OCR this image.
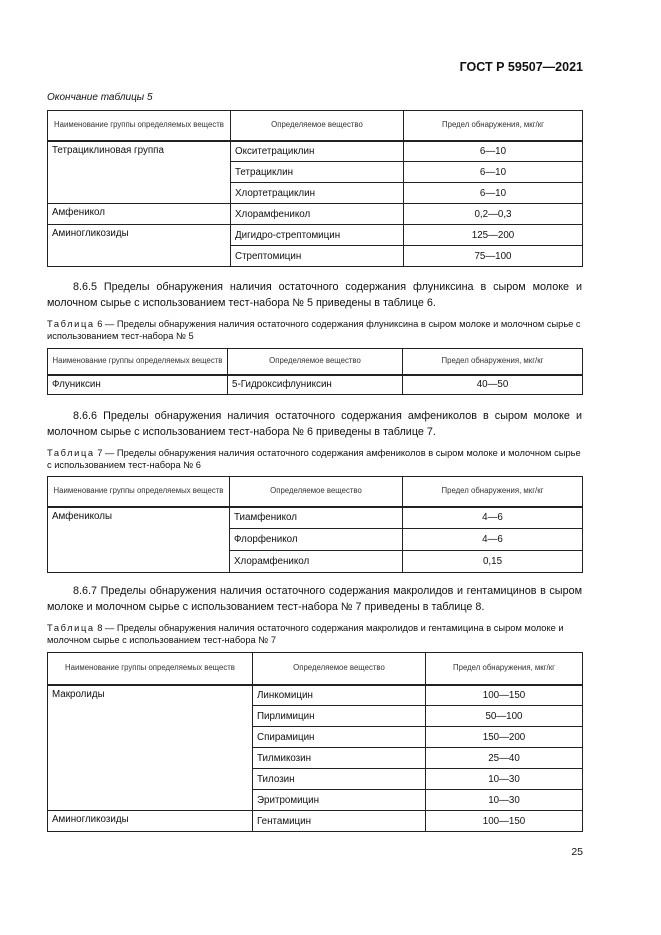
ГОСТ Р 59507—2021
Окончание таблицы 5
Наименование группы определяемых веществ	Определяемое вещество	Предел обнаружения, мкг/кг
Тетрациклиновая группа	Окситетрациклин	6—10
	Тетрациклин	6—10
	Хлортетрациклин	6—10
Амфеникол	Хлорамфеникол	0,2—0,3
Аминогликозиды	Дигидро-стрептомицин	125—200
	Стрептомицин	75—100
8.6.5 Пределы обнаружения наличия остаточного содержания флуниксина в сыром молоке и молочном сырье с использованием тест-набора № 5 приведены в таблице 6.
Таблица 6 — Пределы обнаружения наличия остаточного содержания флуниксина в сыром молоке и молочном сырье с использованием тест-набора № 5
Наименование группы определяемых веществ	Определяемое вещество	Предел обнаружения, мкг/кг
Флуниксин	5-Гидроксифлуниксин	40—50
8.6.6 Пределы обнаружения наличия остаточного содержания амфениколов в сыром молоке и молочном сырье с использованием тест-набора № 6 приведены в таблице 7.
Таблица 7 — Пределы обнаружения наличия остаточного содержания амфениколов в сыром молоке и молочном сырье с использованием тест-набора № 6
Наименование группы определяемых веществ	Определяемое вещество	Предел обнаружения, мкг/кг
Амфениколы	Тиамфеникол	4—6
	Флорфеникол	4—6
	Хлорамфеникол	0,15
8.6.7 Пределы обнаружения наличия остаточного содержания макролидов и гентамицинов в сыром молоке и молочном сырье с использованием тест-набора № 7 приведены в таблице 8.
Таблица 8 — Пределы обнаружения наличия остаточного содержания макролидов и гентамицина в сыром молоке и молочном сырье с использованием тест-набора № 7
Наименование группы определяемых веществ	Определяемое вещество	Предел обнаружения, мкг/кг
Макролиды	Линкомицин	100—150
	Пирлимицин	50—100
	Спирамицин	150—200
	Тилмикозин	25—40
	Тилозин	10—30
	Эритромицин	10—30
Аминогликозиды	Гентамицин	100—150
25
